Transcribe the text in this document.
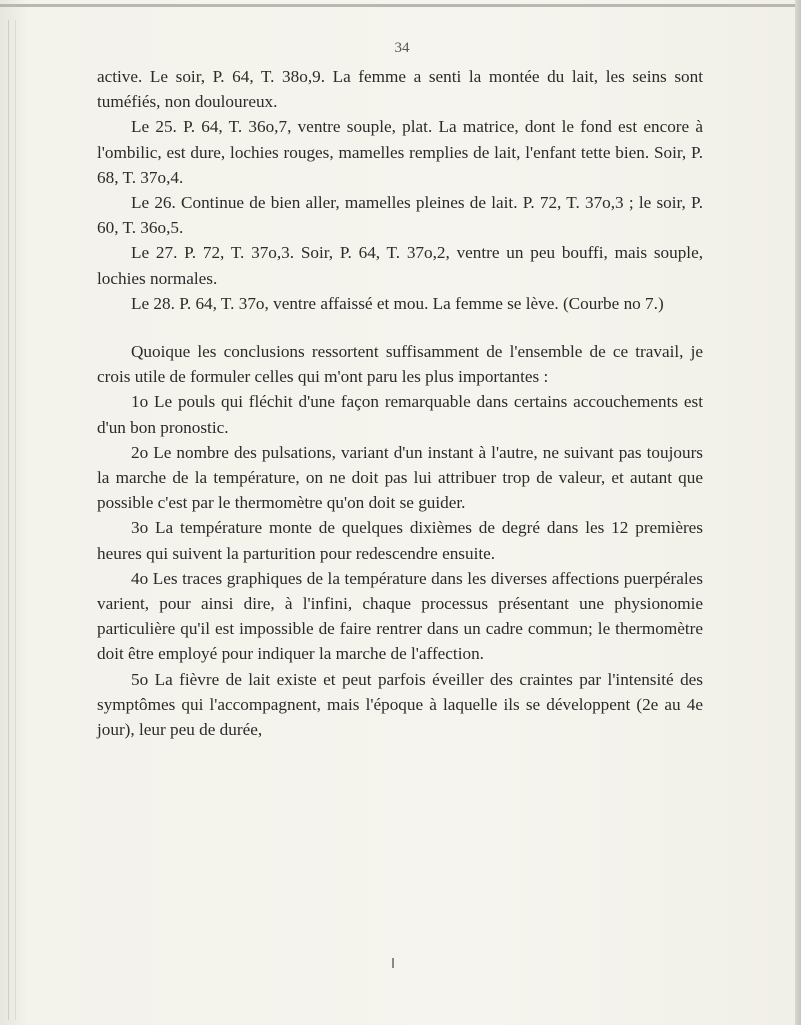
34

active. Le soir, P. 64, T. 38o,9. La femme a senti la montée du lait, les seins sont tuméfiés, non douloureux.

Le 25. P. 64, T. 36o,7, ventre souple, plat. La matrice, dont le fond est encore à l'ombilic, est dure, lochies rouges, mamelles remplies de lait, l'enfant tette bien. Soir, P. 68, T. 37o,4.

Le 26. Continue de bien aller, mamelles pleines de lait. P. 72, T. 37o,3 ; le soir, P. 60, T. 36o,5.

Le 27. P. 72, T. 37o,3. Soir, P. 64, T. 37o,2, ventre un peu bouffi, mais souple, lochies normales.

Le 28. P. 64, T. 37o, ventre affaissé et mou. La femme se lève. (Courbe no 7.)

Quoique les conclusions ressortent suffisamment de l'ensemble de ce travail, je crois utile de formuler celles qui m'ont paru les plus importantes :

1o Le pouls qui fléchit d'une façon remarquable dans certains accouchements est d'un bon pronostic.

2o Le nombre des pulsations, variant d'un instant à l'autre, ne suivant pas toujours la marche de la température, on ne doit pas lui attribuer trop de valeur, et autant que possible c'est par le thermomètre qu'on doit se guider.

3o La température monte de quelques dixièmes de degré dans les 12 premières heures qui suivent la parturition pour redescendre ensuite.

4o Les traces graphiques de la température dans les diverses affections puerpérales varient, pour ainsi dire, à l'infini, chaque processus présentant une physionomie particulière qu'il est impossible de faire rentrer dans un cadre commun; le thermomètre doit être employé pour indiquer la marche de l'affection.

5o La fièvre de lait existe et peut parfois éveiller des craintes par l'intensité des symptômes qui l'accompagnent, mais l'époque à laquelle ils se développent (2e au 4e jour), leur peu de durée,
